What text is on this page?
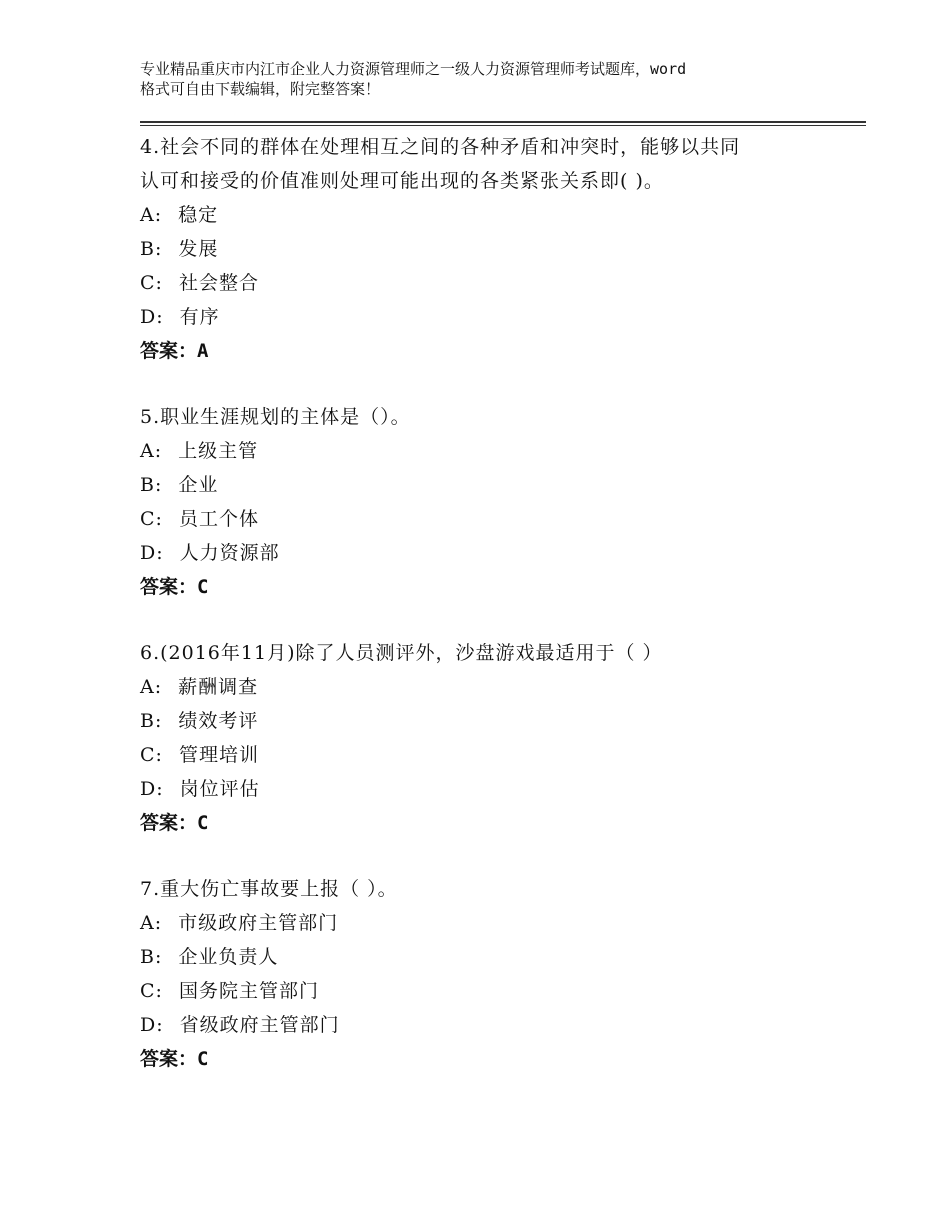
专业精品重庆市内江市企业人力资源管理师之一级人力资源管理师考试题库，word
格式可自由下载编辑，附完整答案！
4.社会不同的群体在处理相互之间的各种矛盾和冲突时，能够以共同
认可和接受的价值准则处理可能出现的各类紧张关系即( )。
A: 稳定
B: 发展
C: 社会整合
D: 有序
答案：A
5.职业生涯规划的主体是（）。
A: 上级主管
B: 企业
C: 员工个体
D: 人力资源部
答案：C
6.(2016年11月)除了人员测评外，沙盘游戏最适用于（ ）
A: 薪酬调查
B: 绩效考评
C: 管理培训
D: 岗位评估
答案：C
7.重大伤亡事故要上报（ ）。
A: 市级政府主管部门
B: 企业负责人
C: 国务院主管部门
D: 省级政府主管部门
答案：C
